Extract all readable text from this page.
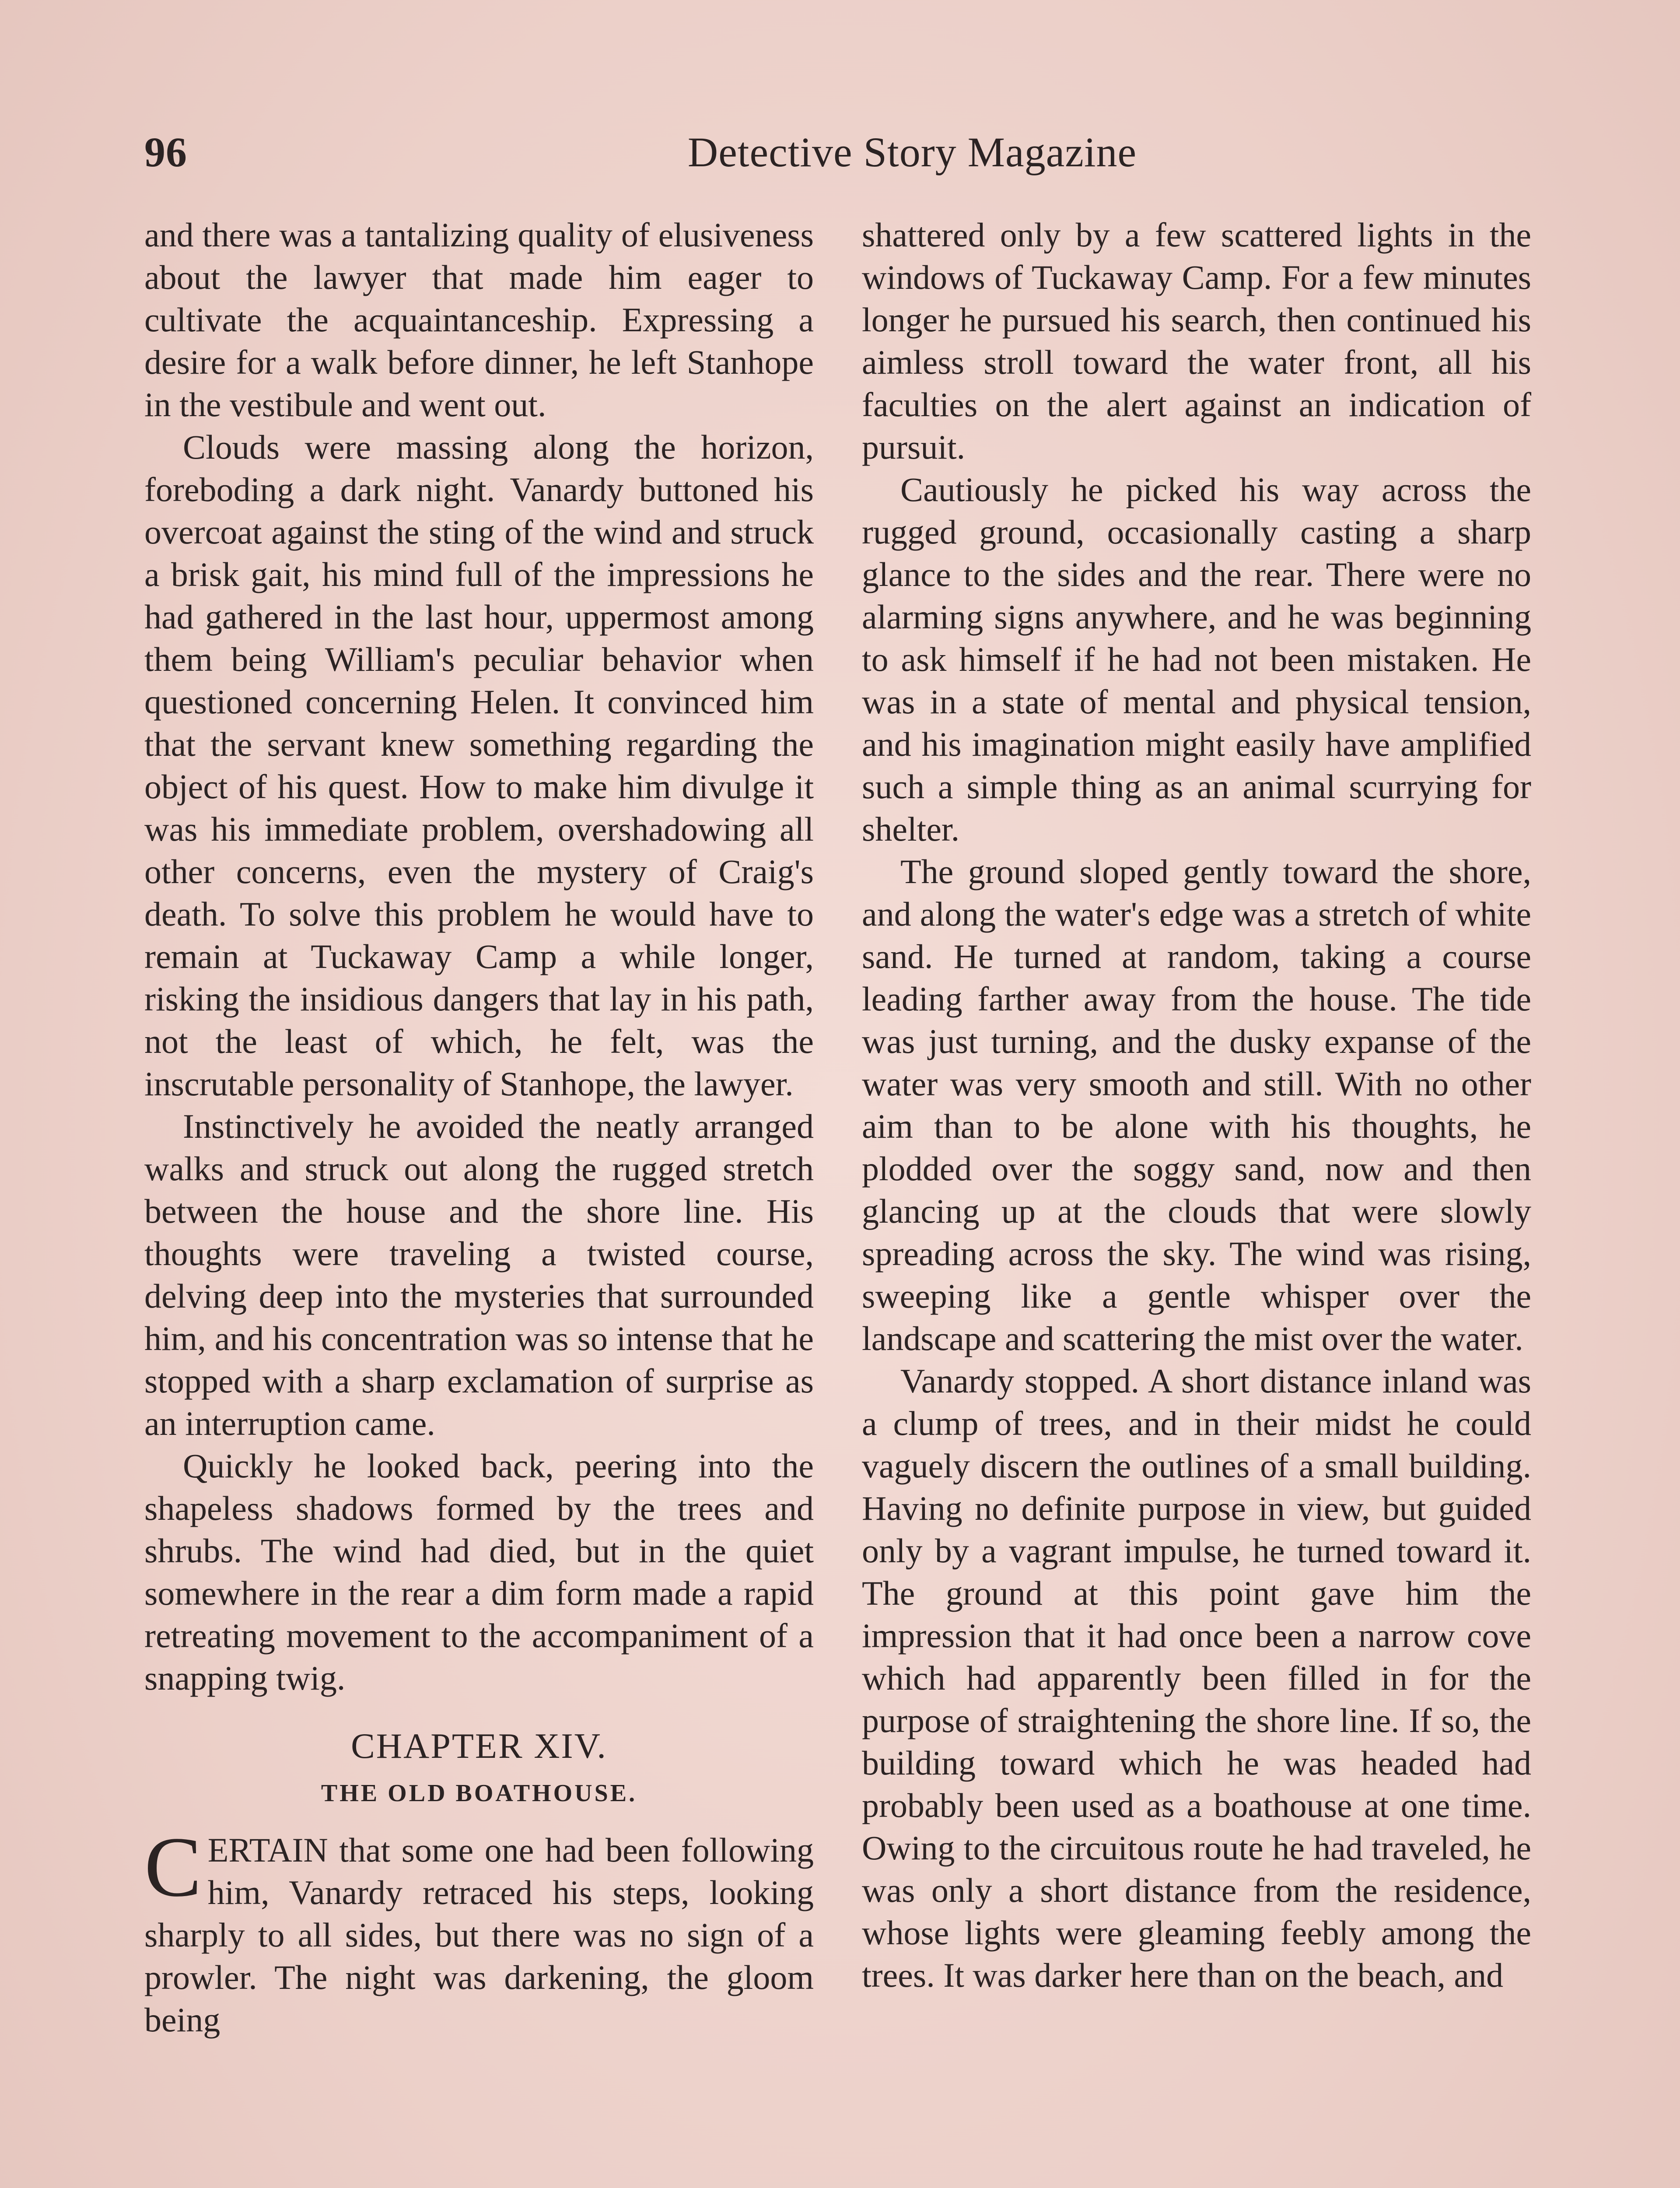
96	Detective Story Magazine

and there was a tantalizing quality of elusiveness about the lawyer that made him eager to cultivate the acquaintanceship. Expressing a desire for a walk before dinner, he left Stanhope in the vestibule and went out.

Clouds were massing along the horizon, foreboding a dark night. Vanardy buttoned his overcoat against the sting of the wind and struck a brisk gait, his mind full of the impressions he had gathered in the last hour, uppermost among them being William's peculiar behavior when questioned concerning Helen. It convinced him that the servant knew something regarding the object of his quest. How to make him divulge it was his immediate problem, overshadowing all other concerns, even the mystery of Craig's death. To solve this problem he would have to remain at Tuckaway Camp a while longer, risking the insidious dangers that lay in his path, not the least of which, he felt, was the inscrutable personality of Stanhope, the lawyer.

Instinctively he avoided the neatly arranged walks and struck out along the rugged stretch between the house and the shore line. His thoughts were traveling a twisted course, delving deep into the mysteries that surrounded him, and his concentration was so intense that he stopped with a sharp exclamation of surprise as an interruption came.

Quickly he looked back, peering into the shapeless shadows formed by the trees and shrubs. The wind had died, but in the quiet somewhere in the rear a dim form made a rapid retreating movement to the accompaniment of a snapping twig.

CHAPTER XIV.
THE OLD BOATHOUSE.

CERTAIN that some one had been following him, Vanardy retraced his steps, looking sharply to all sides, but there was no sign of a prowler. The night was darkening, the gloom being

shattered only by a few scattered lights in the windows of Tuckaway Camp. For a few minutes longer he pursued his search, then continued his aimless stroll toward the water front, all his faculties on the alert against an indication of pursuit.

Cautiously he picked his way across the rugged ground, occasionally casting a sharp glance to the sides and the rear. There were no alarming signs anywhere, and he was beginning to ask himself if he had not been mistaken. He was in a state of mental and physical tension, and his imagination might easily have amplified such a simple thing as an animal scurrying for shelter.

The ground sloped gently toward the shore, and along the water's edge was a stretch of white sand. He turned at random, taking a course leading farther away from the house. The tide was just turning, and the dusky expanse of the water was very smooth and still. With no other aim than to be alone with his thoughts, he plodded over the soggy sand, now and then glancing up at the clouds that were slowly spreading across the sky. The wind was rising, sweeping like a gentle whisper over the landscape and scattering the mist over the water.

Vanardy stopped. A short distance inland was a clump of trees, and in their midst he could vaguely discern the outlines of a small building. Having no definite purpose in view, but guided only by a vagrant impulse, he turned toward it. The ground at this point gave him the impression that it had once been a narrow cove which had apparently been filled in for the purpose of straightening the shore line. If so, the building toward which he was headed had probably been used as a boathouse at one time. Owing to the circuitous route he had traveled, he was only a short distance from the residence, whose lights were gleaming feebly among the trees. It was darker here than on the beach, and
